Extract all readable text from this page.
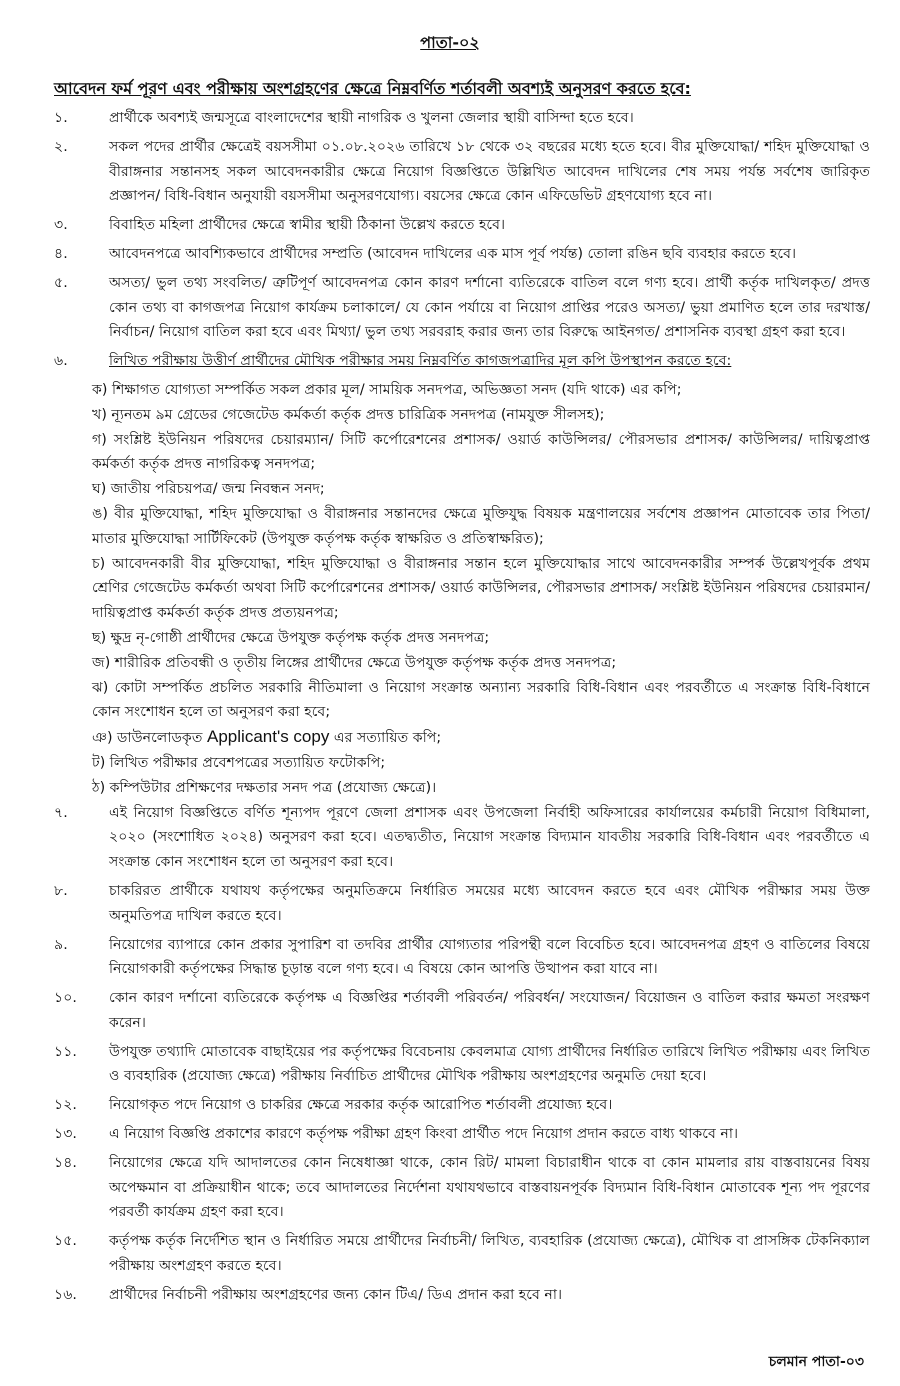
পাতা-০২
আবেদন ফর্ম পূরণ এবং পরীক্ষায় অংশগ্রহণের ক্ষেত্রে নিম্নবর্ণিত শর্তাবলী অবশ্যই অনুসরণ করতে হবে:
১.	প্রার্থীকে অবশ্যই জন্মসূত্রে বাংলাদেশের স্থায়ী নাগরিক ও খুলনা জেলার স্থায়ী বাসিন্দা হতে হবে।
২.	সকল পদের প্রার্থীর ক্ষেত্রেই বয়সসীমা ০১.০৮.২০২৬ তারিখে ১৮ থেকে ৩২ বছরের মধ্যে হতে হবে। বীর মুক্তিযোদ্ধা/ শহিদ মুক্তিযোদ্ধা ও বীরাঙ্গনার সন্তানসহ সকল আবেদনকারীর ক্ষেত্রে নিয়োগ বিজ্ঞপ্তিতে উল্লিখিত আবেদন দাখিলের শেষ সময় পর্যন্ত সর্বশেষ জারিকৃত প্রজ্ঞাপন/ বিধি-বিধান অনুযায়ী বয়সসীমা অনুসরণযোগ্য। বয়সের ক্ষেত্রে কোন এফিডেভিট গ্রহণযোগ্য হবে না।
৩.	বিবাহিত মহিলা প্রার্থীদের ক্ষেত্রে স্বামীর স্থায়ী ঠিকানা উল্লেখ করতে হবে।
৪.	আবেদনপত্রে আবশ্যিকভাবে প্রার্থীদের সম্প্রতি (আবেদন দাখিলের এক মাস পূর্ব পর্যন্ত) তোলা রঙিন ছবি ব্যবহার করতে হবে।
৫.	অসত্য/ ভুল তথ্য সংবলিত/ ত্রুটিপূর্ণ আবেদনপত্র কোন কারণ দর্শানো ব্যতিরেকে বাতিল বলে গণ্য হবে। প্রার্থী কর্তৃক দাখিলকৃত/ প্রদত্ত কোন তথ্য বা কাগজপত্র নিয়োগ কার্যক্রম চলাকালে/ যে কোন পর্যায়ে বা নিয়োগ প্রাপ্তির পরেও অসত্য/ ভুয়া প্রমাণিত হলে তার দরখাস্ত/ নির্বাচন/ নিয়োগ বাতিল করা হবে এবং মিথ্যা/ ভুল তথ্য সরবরাহ করার জন্য তার বিরুদ্ধে আইনগত/ প্রশাসনিক ব্যবস্থা গ্রহণ করা হবে।
৬.	লিখিত পরীক্ষায় উত্তীর্ণ প্রার্থীদের মৌখিক পরীক্ষার সময় নিম্নবর্ণিত কাগজপত্রাদির মূল কপি উপস্থাপন করতে হবে:
ক) শিক্ষাগত যোগ্যতা সম্পর্কিত সকল প্রকার মূল/ সাময়িক সনদপত্র, অভিজ্ঞতা সনদ (যদি থাকে) এর কপি;
খ) ন্যূনতম ৯ম গ্রেডের গেজেটেড কর্মকর্তা কর্তৃক প্রদত্ত চারিত্রিক সনদপত্র (নামযুক্ত সীলসহ);
গ) সংশ্লিষ্ট ইউনিয়ন পরিষদের চেয়ারম্যান/ সিটি কর্পোরেশনের প্রশাসক/ ওয়ার্ড কাউন্সিলর/ পৌরসভার প্রশাসক/ কাউন্সিলর/ দায়িত্বপ্রাপ্ত কর্মকর্তা কর্তৃক প্রদত্ত নাগরিকত্ব সনদপত্র;
ঘ) জাতীয় পরিচয়পত্র/ জন্ম নিবন্ধন সনদ;
ঙ) বীর মুক্তিযোদ্ধা, শহিদ মুক্তিযোদ্ধা ও বীরাঙ্গনার সন্তানদের ক্ষেত্রে মুক্তিযুদ্ধ বিষয়ক মন্ত্রণালয়ের সর্বশেষ প্রজ্ঞাপন মোতাবেক তার পিতা/ মাতার মুক্তিযোদ্ধা সার্টিফিকেট (উপযুক্ত কর্তৃপক্ষ কর্তৃক স্বাক্ষরিত ও প্রতিস্বাক্ষরিত);
চ) আবেদনকারী বীর মুক্তিযোদ্ধা, শহিদ মুক্তিযোদ্ধা ও বীরাঙ্গনার সন্তান হলে মুক্তিযোদ্ধার সাথে আবেদনকারীর সম্পর্ক উল্লেখপূর্বক প্রথম শ্রেণির গেজেটেড কর্মকর্তা অথবা সিটি কর্পোরেশনের প্রশাসক/ ওয়ার্ড কাউন্সিলর, পৌরসভার প্রশাসক/ সংশ্লিষ্ট ইউনিয়ন পরিষদের চেয়ারমান/ দায়িত্বপ্রাপ্ত কর্মকর্তা কর্তৃক প্রদত্ত প্রত্যয়নপত্র;
ছ) ক্ষুদ্র নৃ-গোষ্ঠী প্রার্থীদের ক্ষেত্রে উপযুক্ত কর্তৃপক্ষ কর্তৃক প্রদত্ত সনদপত্র;
জ) শারীরিক প্রতিবন্ধী ও তৃতীয় লিঙ্গের প্রার্থীদের ক্ষেত্রে উপযুক্ত কর্তৃপক্ষ কর্তৃক প্রদত্ত সনদপত্র;
ঝ) কোটা সম্পর্কিত প্রচলিত সরকারি নীতিমালা ও নিয়োগ সংক্রান্ত অন্যান্য সরকারি বিধি-বিধান এবং পরবর্তীতে এ সংক্রান্ত বিধি-বিধানে কোন সংশোধন হলে তা অনুসরণ করা হবে;
ঞ) ডাউনলোডকৃত Applicant's copy এর সত্যায়িত কপি;
ট) লিখিত পরীক্ষার প্রবেশপত্রের সত্যায়িত ফটোকপি;
ঠ) কম্পিউটার প্রশিক্ষণের দক্ষতার সনদ পত্র (প্রযোজ্য ক্ষেত্রে)।
৭.	এই নিয়োগ বিজ্ঞপ্তিতে বর্ণিত শূন্যপদ পূরণে জেলা প্রশাসক এবং উপজেলা নির্বাহী অফিসারের কার্যালয়ের কর্মচারী নিয়োগ বিধিমালা, ২০২০ (সংশোধিত ২০২৪) অনুসরণ করা হবে। এতদ্ব্যতীত, নিয়োগ সংক্রান্ত বিদ্যমান যাবতীয় সরকারি বিধি-বিধান এবং পরবর্তীতে এ সংক্রান্ত কোন সংশোধন হলে তা অনুসরণ করা হবে।
৮.	চাকরিরত প্রার্থীকে যথাযথ কর্তৃপক্ষের অনুমতিক্রমে নির্ধারিত সময়ের মধ্যে আবেদন করতে হবে এবং মৌখিক পরীক্ষার সময় উক্ত অনুমতিপত্র দাখিল করতে হবে।
৯.	নিয়োগের ব্যাপারে কোন প্রকার সুপারিশ বা তদবির প্রার্থীর যোগ্যতার পরিপন্থী বলে বিবেচিত হবে। আবেদনপত্র গ্রহণ ও বাতিলের বিষয়ে নিয়োগকারী কর্তৃপক্ষের সিদ্ধান্ত চূড়ান্ত বলে গণ্য হবে। এ বিষয়ে কোন আপত্তি উত্থাপন করা যাবে না।
১০.	কোন কারণ দর্শানো ব্যতিরেকে কর্তৃপক্ষ এ বিজ্ঞপ্তির শর্তাবলী পরিবর্তন/ পরিবর্ধন/ সংযোজন/ বিয়োজন ও বাতিল করার ক্ষমতা সংরক্ষণ করেন।
১১.	উপযুক্ত তথ্যাদি মোতাবেক বাছাইয়ের পর কর্তৃপক্ষের বিবেচনায় কেবলমাত্র যোগ্য প্রার্থীদের নির্ধারিত তারিখে লিখিত পরীক্ষায় এবং লিখিত ও ব্যবহারিক (প্রযোজ্য ক্ষেত্রে) পরীক্ষায় নির্বাচিত প্রার্থীদের মৌখিক পরীক্ষায় অংশগ্রহণের অনুমতি দেয়া হবে।
১২.	নিয়োগকৃত পদে নিয়োগ ও চাকরির ক্ষেত্রে সরকার কর্তৃক আরোপিত শর্তাবলী প্রযোজ্য হবে।
১৩.	এ নিয়োগ বিজ্ঞপ্তি প্রকাশের কারণে কর্তৃপক্ষ পরীক্ষা গ্রহণ কিংবা প্রার্থীত পদে নিয়োগ প্রদান করতে বাধ্য থাকবে না।
১৪.	নিয়োগের ক্ষেত্রে যদি আদালতের কোন নিষেধাজ্ঞা থাকে, কোন রিট/ মামলা বিচারাধীন থাকে বা কোন মামলার রায় বাস্তবায়নের বিষয় অপেক্ষমান বা প্রক্রিয়াধীন থাকে; তবে আদালতের নির্দেশনা যথাযথভাবে বাস্তবায়নপূর্বক বিদ্যমান বিধি-বিধান মোতাবেক শূন্য পদ পূরণের পরবর্তী কার্যক্রম গ্রহণ করা হবে।
১৫.	কর্তৃপক্ষ কর্তৃক নির্দেশিত স্থান ও নির্ধারিত সময়ে প্রার্থীদের নির্বাচনী/ লিখিত, ব্যবহারিক (প্রযোজ্য ক্ষেত্রে), মৌখিক বা প্রাসঙ্গিক টেকনিক্যাল পরীক্ষায় অংশগ্রহণ করতে হবে।
১৬.	প্রার্থীদের নির্বাচনী পরীক্ষায় অংশগ্রহণের জন্য কোন টিএ/ ডিএ প্রদান করা হবে না।
চলমান পাতা-০৩
